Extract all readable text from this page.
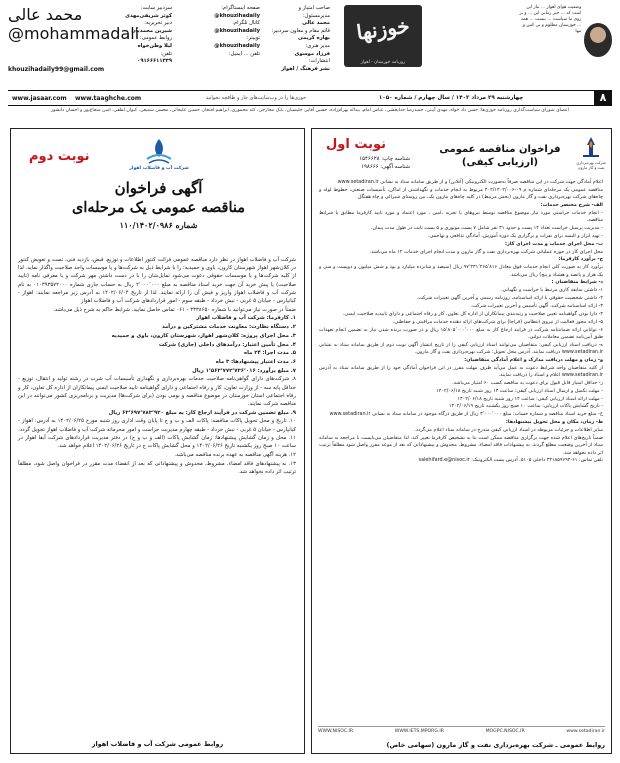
وضعیت هوای اهواز ... نیاز این است که ... خبر زمانی این ... و بر روی ما سیاست ... نیست ... همه ... خوزستان مظلوم و بی کس و تنها
محمد عالی
@mohammadali	خوزنها
روزنامه خوزستان - اهواز
صاحب امتیاز و مدیرمسئول:
محمد عالی
قائم مقام و معاون سردبیر:
بهاره کریمی
مدیر هنری:
فرزاد موسوی
انتشارات:
نشر فرهنگ / اهواز
صفحه اینستاگرام:
@khouzihadaily
کانال تلگرام:
@khouzihadaily
توییتر:
@khouzihadaily
تلفن ... ایمیل:
سردبیر سایت:
کوثر شریفی‌مهدی
دبیر تحریریه:
شیرین محمدیان
روابط عمومی:
لیلا وطن‌خواه
تلفن:
۰۹۱۶۶۶۱۱۳۳۹
khouzihadaily99@gmail.com
www.jasaar.com www.taaghche.com	خوزی‌ها را در وب‌سایت‌های جار و طاقچه بخوانید	چهارشنبه ۲۹ مرداد ۱۴۰۲ / سال چهارم / شماره ۱۰۵۰	۸
اعضای شورای سیاست‌گذاری روزنامه خوزی‌ها: حسن داد خواه، مهدی آیینی، حمیدرضا خدابخشی، عباس امام، بیداله بهرام‌زاده، حسین آقایی جلیسیان، بابک مخارجی، کته محموری، ابراهیم افتخار، حسین علیخانی، محسن سمیعی، کیوان لطفی، امین شجاع‌پور و احسان دانشور
شرکت بهره‌برداری نفت و گاز مارون
فراخوان مناقصه عمومی
(ارزیابی کیفی)
نوبت اول
شناسه چاپ: ۱۵۴۶۶۲۸
شناسه آگهی: ۱۹۸۶۶۶

اعلام آمادگی جهت شرکت در این مناقصه صرفاً به‌صورت الکترونیکی (آنلاین) و از طریق سامانه ستاد به نشانی www.setadiran.ir

مناقصه عمومی یک مرحله‌ای شماره م ۰۹-۴۰۲/۱۴۰۲/۰۰۶ مربوط به انجام خدمات و نگهداشتی از اماکن، تأسیسات صنعتی، خطوط لوله و چاه‌های شرکت بهره‌برداری نفت و گاز مارون (بخش مرتبط) در کلیه چاه‌های مارون یک، بین روستای شیرالی و چاه هفتگل

الف- شرح مختصر خدمات:

- انجام خدمات حراستی مورد نیاز موضوع مناقصه توسط نیروهای با تجربه ،امین ، مورد اعتماد و مورد تایید کارفرما مطابق با شرایط مناقصه.

- مدیریت پرسنل حراست تعداد ۱۴ پست و حدود ۳۱ نفر شامل ۷ پست موتوری و ۵ پست ثابت در طول مدت پیمان.

- تهیه ابزار و البسه برای نفرات و برگزاری یک دوره آموزش، آمادگی تدافعی و تهاجمی.

ب- محل اجرای خدمات و مدت اجرای کار:

محل اجرای کار در حوزه عملیاتی شرکت بهره‌برداری نفت و گاز مارون و مدت انجام اجرای خدمات ۱۲ ماه می‌باشد.

ج- برآورد کارفرما:

برآورد کار به صورت کلی انجام خدمات فوق معادل ۹۷٬۳۳۱٬۲۶۵٬۸۱۶ ریال (سیصد و شانزده میلیارد و نود و شش میلیون و دویست و سی و یک هزار و پانصد و هشتاد و پنج) ریال می‌باشد.

د- شرایط متقاضیان :

۱- داشتن سابقه کاری مرتبط با حراست و نگهبانی.

۲- داشتن شخصیت حقوقی با ارائه اساسنامه، روزنامه رسمی و آخرین آگهی تغییرات شرکت.

۳- ارائه اساسنامه شرکت، آگهی تأسیس و آخرین تغییرات شرکت.

۴- دارا بودن گواهینامه تعیین صلاحیت و رتبه‌بندی پیمانکاران از اداره کل تعاون، کار و رفاه اجتماعی و دارای تاییدیه صلاحیت ایمنی.

۵- ارائه مجوز فعالیت از نیروی انتظامی (فراجا) برای شرکت‌های ارائه دهنده خدمات مراقبتی و حفاظتی.

۶- توانایی ارائه ضمانتنامه شرکت در فرایند ارجاع کار به مبلغ ۱۵٬۸۰۵٬۰۰۰٬۰۰۰ ریال و در صورت برنده شدن نیاز به تضمین انجام تعهدات طبق آیین‌نامه تضمین معاملات دولتی.

ه- دریافت اسناد ارزیابی کیفی: متقاضیان می‌توانند اسناد ارزیابی کیفی را از تاریخ انتشار آگهی نوبت دوم از طریق سامانه ستاد به نشانی www.setadiran.ir دریافت نمایند. آدرس محل تحویل: شرکت بهره‌برداری نفت و گاز مارون.

و- زمان و مهلت دریافت مدارک و اعلام آمادگی متقاضیان:

از کلیه متقاضیان واجد شرایط دعوت به عمل می‌آید ظرف مهلت مقرر در این فراخوان آمادگی خود را از طریق سامانه ستاد به آدرس www.setadiran.ir اعلام و اسناد را دریافت نمایند.

ز- حداقل امتیاز قابل قبول برای دعوت به مناقصه کسب ۶۰ امتیاز می‌باشد.

- مهلت تکمیل و ارسال اسناد ارزیابی کیفی: ساعت ۱۴ روز شنبه تاریخ ۱۴۰۲/۰۶/۱۸

- مهلت ارائه اسناد ارزیابی کیفی: ساعت ۱۴ روز شنبه تاریخ ۱۴۰۲/۰۶/۱۸

- تاریخ گشایش پاکات ارزیابی: ساعت ۱۰ صبح روز یکشنبه تاریخ ۱۴۰۲/۰۶/۱۹

ح- مبلغ خرید اسناد مناقصه و شماره حساب: مبلغ ۳٬۰۰۰٬۰۰۰ ریال از طریق درگاه موجود در سامانه ستاد به نشانی www.setadiran.ir

ط- زمان، مکان و محل تحویل پیشنهادها:

سایر اطلاعات و جزئیات مربوطه در اسناد ارزیابی کیفی مندرج در سامانه ستاد اعلام می‌گردد.

ضمناً تاریخ‌های اعلام شده جهت برگزاری مناقصه ممکن است بنا به تشخیص کارفرما تغییر کند. لذا متقاضیان می‌بایست با مراجعه به سامانه ستاد از آخرین وضعیت مطلع گردند. به پیشنهادات فاقد امضاء، مشروط، مخدوش و پیشنهاداتی که بعد از موعد مقرر واصل شود مطلقاً ترتیب اثر داده نخواهد شد.

تلفن تماس: ۶۱-۳۴۱۸۵۹۶۹۴ داخلی ۵۱۰۵. آدرس پست الکترونیک: salehifard.e@nisoc.ir

WWW.NISOC.IR	WWW.IETS.MPORG.IR	MOGPC.NISOC.IR	www.setadiran.ir
روابط عمومی ـ شرکت بهره‌برداری نفت و گاز مارون (سهامی خاص)
نوبت دوم
شرکت آب و فاضلاب اهواز
آگهی فراخوان
مناقصه عمومی یک مرحله‌ای
شماره ۱۱۰/۱۴۰۲/۰۹۸۶

شرکت آب و فاضلاب اهواز در نظر دارد مناقصه عمومی قرائت کنتور اطلاعات و توزیع، قبض، بازدید فنی، تست و تعویض کنتور در کلان‌شهر اهواز شهرستان کارون، باوی و حمیدیه؛ را با شرایط ذیل به شرکت‌ها و یا موسسات واجد صلاحیت واگذار نماید. لذا از کلیه شرکت‌ها و یا موسسات حقوقی دعوت می‌شود تمایل‌شان را با در دست داشتن مهر شرکت و با معرفی نامه (تایید صلاحیت) یا پیش خرید آن جهت خرید اسناد مناقصه به مبلغ ۲٬۰۰۰٬۰۰۰ ریال به حساب جاری شماره ۰۱۰۳۹۳۵۷۲۰۰۰ به نام شرکت آب و فاضلاب اهواز واریز و فیش آن را ارائه نمایند. لذا از تاریخ ۱۴۰۲/۰۶/۰۴ به آدرس زیر مراجعه نمایند: اهواز - کیانپارس - خیابان ۵ غربی - نبش خرداد - طبقه سوم - امور قراردادهای شرکت آب و فاضلاب اهواز

ضمناً در صورت نیاز می‌توانید با شماره ۳۳۳۸۶۵۰ - ۰۶۱ تماس حاصل نمایید. شرایط حاکم به شرح ذیل می‌باشد.

۱. کارفرما: شرکت آب و فاضلاب اهواز

۲. دستگاه نظارت: معاونت خدمات مشترکین و درآمد

۳. محل اجرای پروژه: کلان‌شهر اهواز، شهرستان کارون، باوی و حمیدیه

۴. محل تأمین اعتبار: درآمدهای داخلی (جاری) شرکت

۵. مدت اجرا: ۲۴ ماه

۶. مدت اعتبار پیشنهادها: ۳ ماه

۷. مبلغ برآورد: ۱٬۵۶۳٬۷۷۲٬۷۳۶٬۰۱۶ ریال

۸. شرکت‌های دارای گواهی‌نامه صلاحیت خدمات بهره‌برداری و نگهداری تأسیسات آب شرب در رشته تولید و انتقال، توزیع - حداقل پایه سه - از وزارت تعاون، کار و رفاه اجتماعی و دارای گواهینامه تایید صلاحیت ایمنی پیمانکاران از اداره کل تعاون، کار و رفاه اجتماعی استان خوزستان در موضوع مناقصه و بومی بودن (برای شرکت‌ها) مدیریت و برنامه‌ریزی کشور می‌توانند در این مناقصه شرکت نمایند.

۹. مبلغ تضمین شرکت در فرآیند ارجاع کار: به مبلغ ۶۳٬۶۹۷٬۷۸۳٬۹۲۰ ریال

۱۰. تاریخ و محل تحویل پاکات مناقصه: پاکات الف و ب و ج تا پایان وقت اداری روز شنبه مورخ ۱۴۰۲/۰۶/۲۵ به آدرس: اهواز - کیانپارس - خیابان ۵ غربی - نبش خرداد - طبقه چهارم مدیریت حراست و امور محرمانه شرکت آب و فاضلاب اهواز تحویل گردد.

۱۱. محل و زمان گشایش پیشنهادها: زمان گشایش پاکات (الف و ب و ج) در دفتر مدیریت قراردادهای شرکت آبفا اهواز در ساعت ۱۰ صبح روز یکشنبه تاریخ ۱۴۰۲/۰۶/۲۶ و محل گشایش پاکات ج در تاریخ ۱۴۰۲/۰۶/۲۶ اعلام خواهد شد.

۱۲. هزینه آگهی مناقصه به عهده برنده مناقصه می‌باشد.

۱۳. به پیشنهادهای فاقد امضاء، مشروط، مخدوش و پیشنهاداتی که بعد از انقضاء مدت مقرر در فراخوان واصل شود، مطلقاً ترتیب اثر داده نخواهد شد.

روابط عمومی شرکت آب و فاضلاب اهواز
